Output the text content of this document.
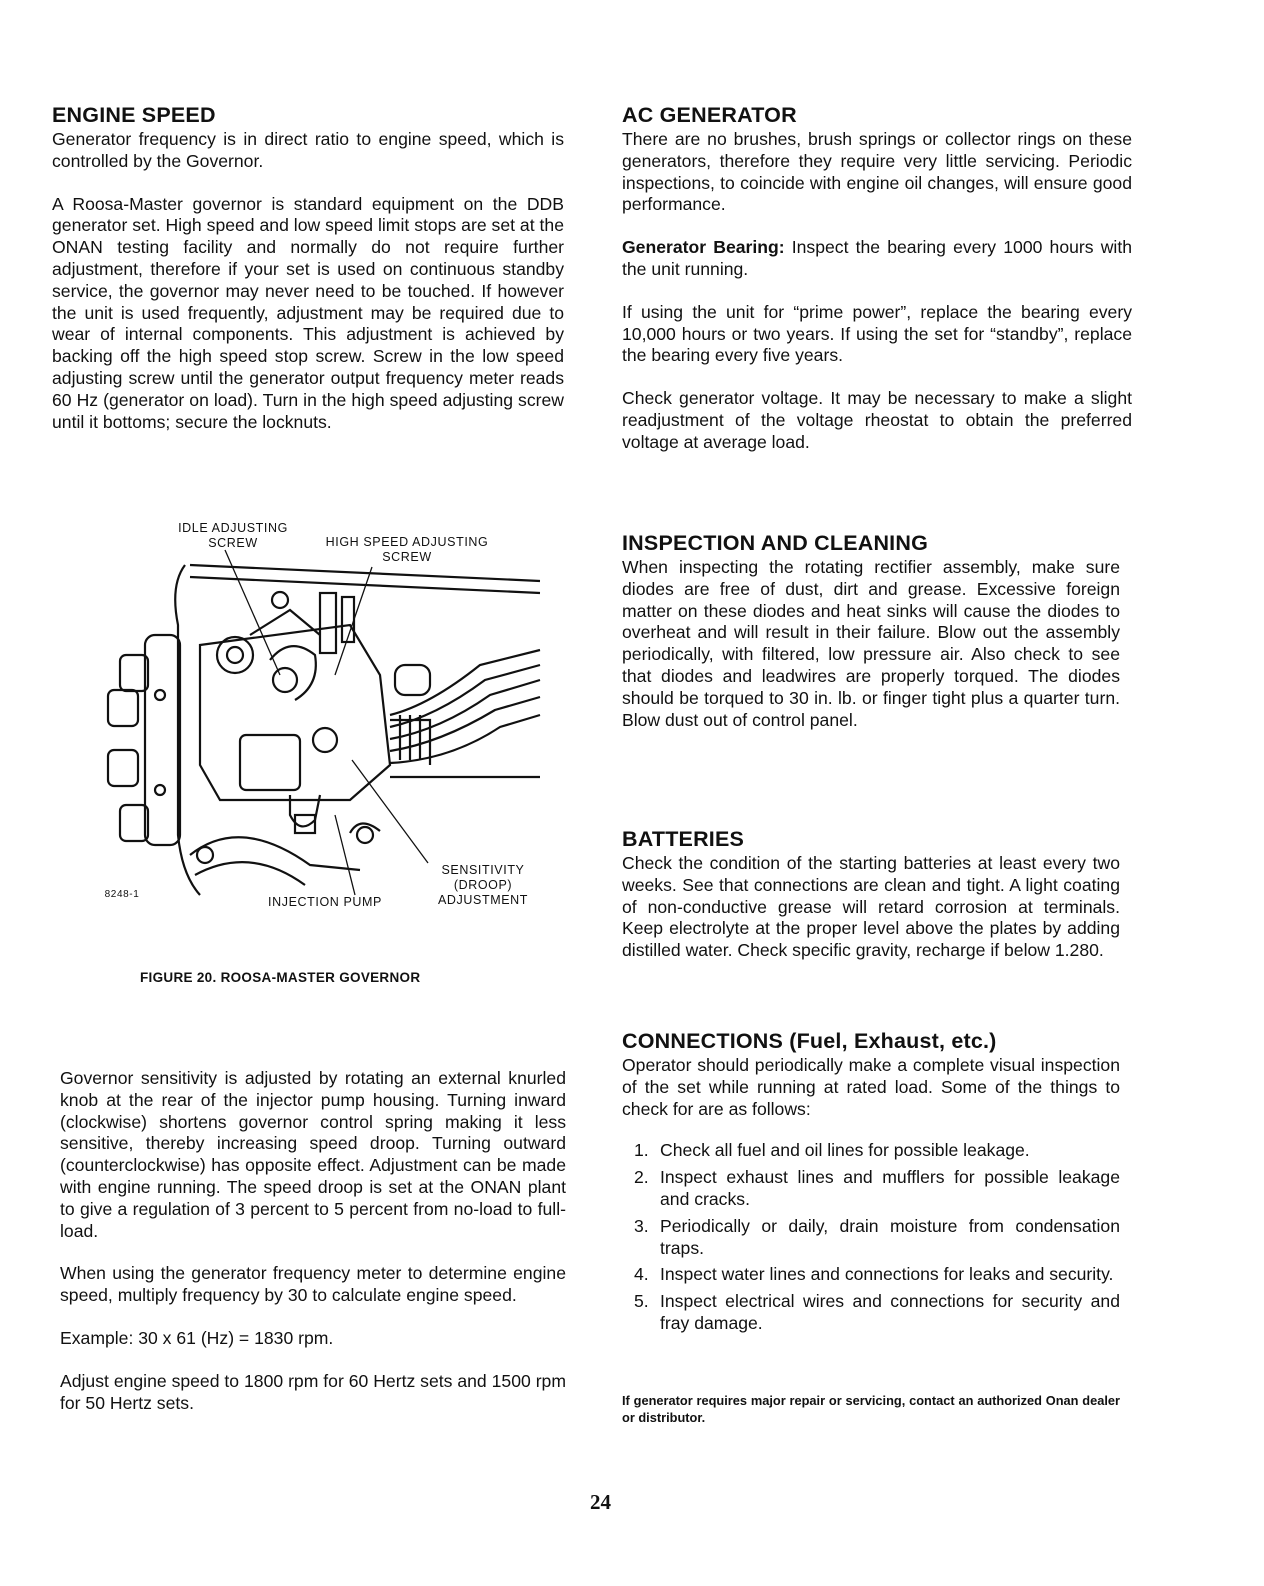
ENGINE SPEED

Generator frequency is in direct ratio to engine speed, which is controlled by the Governor.

A Roosa-Master governor is standard equipment on the DDB generator set. High speed and low speed limit stops are set at the ONAN testing facility and normally do not require further adjustment, therefore if your set is used on continuous standby service, the governor may never need to be touched. If however the unit is used frequently, adjustment may be required due to wear of internal components. This adjustment is achieved by backing off the high speed stop screw. Screw in the low speed adjusting screw until the generator output frequency meter reads 60 Hz (generator on load). Turn in the high speed adjusting screw until it bottoms; secure the locknuts.

IDLE ADJUSTING SCREW	HIGH SPEED ADJUSTING SCREW
SENSITIVITY (DROOP) ADJUSTMENT
INJECTION PUMP
8248-1
FIGURE 20. ROOSA-MASTER GOVERNOR

Governor sensitivity is adjusted by rotating an external knurled knob at the rear of the injector pump housing. Turning inward (clockwise) shortens governor control spring making it less sensitive, thereby increasing speed droop. Turning outward (counterclockwise) has opposite effect. Adjustment can be made with engine running. The speed droop is set at the ONAN plant to give a regulation of 3 percent to 5 percent from no-load to full-load.

When using the generator frequency meter to determine engine speed, multiply frequency by 30 to calculate engine speed.

Example: 30 x 61 (Hz) = 1830 rpm.

Adjust engine speed to 1800 rpm for 60 Hertz sets and 1500 rpm for 50 Hertz sets.

AC GENERATOR

There are no brushes, brush springs or collector rings on these generators, therefore they require very little servicing. Periodic inspections, to coincide with engine oil changes, will ensure good performance.

Generator Bearing: Inspect the bearing every 1000 hours with the unit running.

If using the unit for “prime power”, replace the bearing every 10,000 hours or two years. If using the set for “standby”, replace the bearing every five years.

Check generator voltage. It may be necessary to make a slight readjustment of the voltage rheostat to obtain the preferred voltage at average load.

INSPECTION AND CLEANING

When inspecting the rotating rectifier assembly, make sure diodes are free of dust, dirt and grease. Excessive foreign matter on these diodes and heat sinks will cause the diodes to overheat and will result in their failure. Blow out the assembly periodically, with filtered, low pressure air. Also check to see that diodes and leadwires are properly torqued. The diodes should be torqued to 30 in. lb. or finger tight plus a quarter turn. Blow dust out of control panel.

BATTERIES

Check the condition of the starting batteries at least every two weeks. See that connections are clean and tight. A light coating of non-conductive grease will retard corrosion at terminals. Keep electrolyte at the proper level above the plates by adding distilled water. Check specific gravity, recharge if below 1.280.

CONNECTIONS (Fuel, Exhaust, etc.)

Operator should periodically make a complete visual inspection of the set while running at rated load. Some of the things to check for are as follows:

1. Check all fuel and oil lines for possible leakage.
2. Inspect exhaust lines and mufflers for possible leakage and cracks.
3. Periodically or daily, drain moisture from condensation traps.
4. Inspect water lines and connections for leaks and security.
5. Inspect electrical wires and connections for security and fray damage.

If generator requires major repair or servicing, contact an authorized Onan dealer or distributor.

24
